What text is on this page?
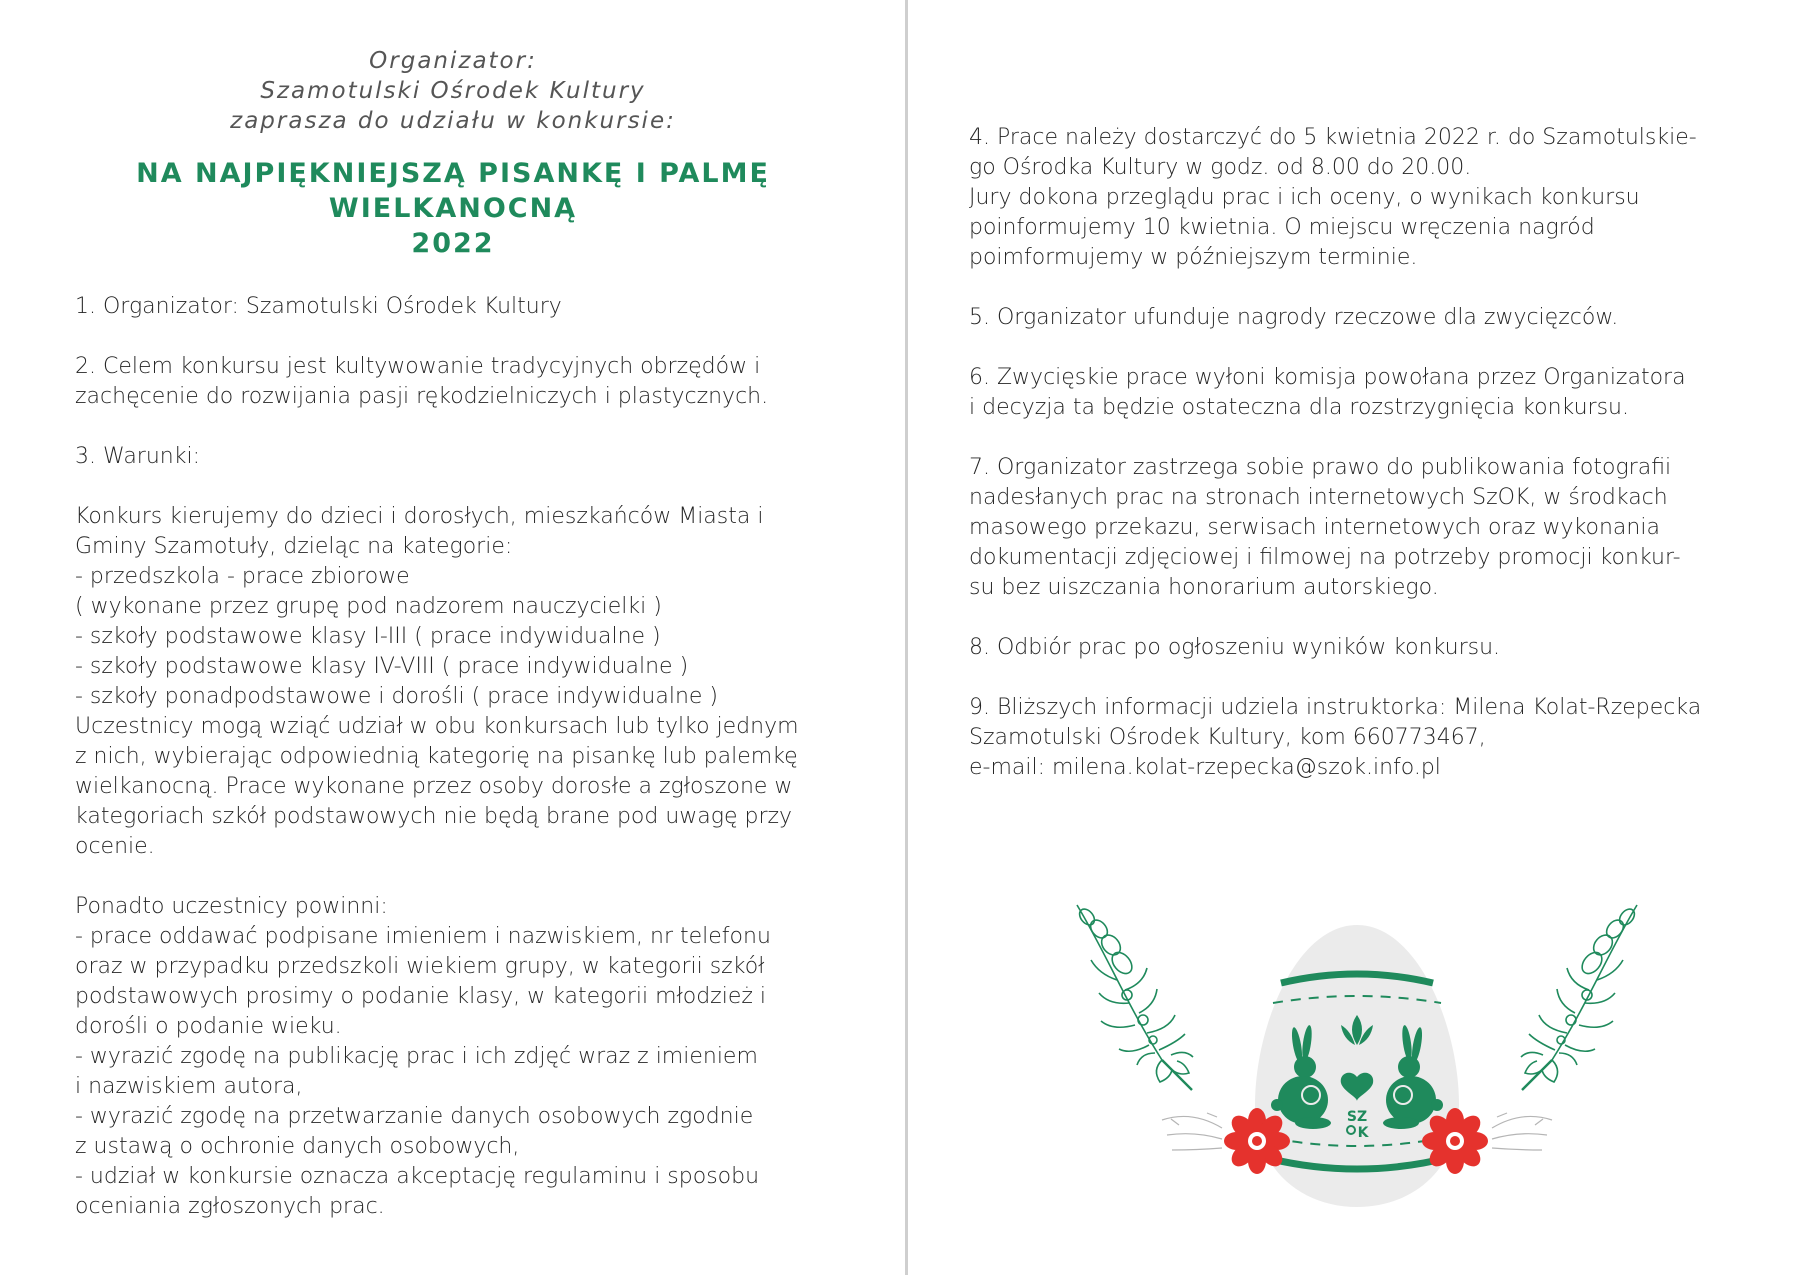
Organizator:
Szamotulski Ośrodek Kultury
zaprasza do udziału w konkursie:
NA NAJPIĘKNIEJSZĄ PISANKĘ I PALMĘ
WIELKANOCNĄ
2022
1. Organizator: Szamotulski Ośrodek Kultury
2. Celem konkursu jest kultywowanie tradycyjnych obrzędów i
zachęcenie do rozwijania pasji rękodzielniczych i plastycznych.
3. Warunki:
Konkurs kierujemy do dzieci i dorosłych, mieszkańców Miasta i
Gminy Szamotuły, dzieląc na kategorie:
- przedszkola - prace zbiorowe
( wykonane przez grupę pod nadzorem nauczycielki )
- szkoły podstawowe klasy I-III ( prace indywidualne )
- szkoły podstawowe klasy IV-VIII ( prace indywidualne )
- szkoły ponadpodstawowe i dorośli ( prace indywidualne )
Uczestnicy mogą wziąć udział w obu konkursach lub tylko jednym
z nich, wybierając odpowiednią kategorię na pisankę lub palemkę
wielkanocną. Prace wykonane przez osoby dorosłe a zgłoszone w
kategoriach szkół podstawowych nie będą brane pod uwagę przy
ocenie.
Ponadto uczestnicy powinni:
- prace oddawać podpisane imieniem i nazwiskiem, nr telefonu
oraz w przypadku przedszkoli wiekiem grupy, w kategorii szkół
podstawowych prosimy o podanie klasy, w kategorii młodzież i
dorośli o podanie wieku.
- wyrazić zgodę na publikację prac i ich zdjęć wraz z imieniem
i nazwiskiem autora,
- wyrazić zgodę na przetwarzanie danych osobowych zgodnie
z ustawą o ochronie danych osobowych,
- udział w konkursie oznacza akceptację regulaminu i sposobu
oceniania zgłoszonych prac.
4. Prace należy dostarczyć do 5 kwietnia 2022 r. do Szamotulskie-
go Ośrodka Kultury w godz. od 8.00 do 20.00.
Jury dokona przeglądu prac i ich oceny, o wynikach konkursu
poinformujemy 10 kwietnia. O miejscu wręczenia nagród
poimformujemy w późniejszym terminie.
5. Organizator ufunduje nagrody rzeczowe dla zwycięzców.
6. Zwycięskie prace wyłoni komisja powołana przez Organizatora
i decyzja ta będzie ostateczna dla rozstrzygnięcia konkursu.
7. Organizator zastrzega sobie prawo do publikowania fotografii
nadesłanych prac na stronach internetowych SzOK, w środkach
masowego przekazu, serwisach internetowych oraz wykonania
dokumentacji zdjęciowej i filmowej na potrzeby promocji konkur-
su bez uiszczania honorarium autorskiego.
8. Odbiór prac po ogłoszeniu wyników konkursu.
9. Bliższych informacji udziela instruktorka: Milena Kolat-Rzepecka
Szamotulski Ośrodek Kultury, kom 660773467,
e-mail: milena.kolat-rzepecka@szok.info.pl
SZ
K
